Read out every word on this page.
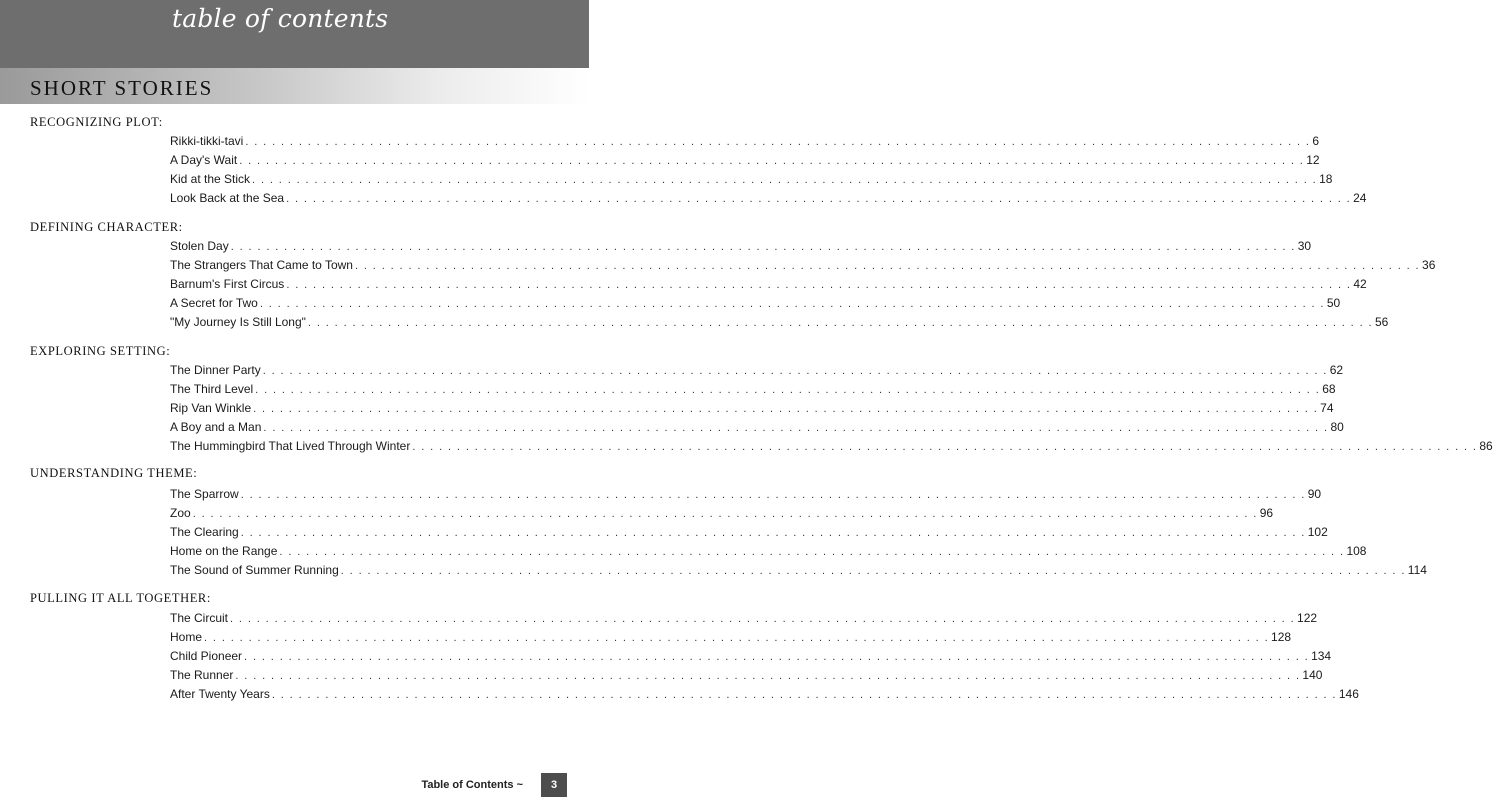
table of contents
SHORT STORIES
RECOGNIZING PLOT:
Rikki-tikki-tavi . . . . . . . . . . . . . . . . . . . . . . . . . . . . . . . . . . . . . . . . . . . . . . . . . . . . . . . . . . . . . . . . . . . . . . . . . . . . . . . . . . . . . . . . . . . . . . . . . . . . . . . . . . . . . . . . . . . . . . . . 6
A Day's Wait . . . . . . . . . . . . . . . . . . . . . . . . . . . . . . . . . . . . . . . . . . . . . . . . . . . . . . . . . . . . . . . . . . . . . . . . . . . . . . . . . . . . . . . . . . . . . . . . . . . . . . . . . . . . . . . . . . . . . . . . 12
Kid at the Stick . . . . . . . . . . . . . . . . . . . . . . . . . . . . . . . . . . . . . . . . . . . . . . . . . . . . . . . . . . . . . . . . . . . . . . . . . . . . . . . . . . . . . . . . . . . . . . . . . . . . . . . . . . . . . . . . . . . . . . . . 18
Look Back at the Sea . . . . . . . . . . . . . . . . . . . . . . . . . . . . . . . . . . . . . . . . . . . . . . . . . . . . . . . . . . . . . . . . . . . . . . . . . . . . . . . . . . . . . . . . . . . . . . . . . . . . . . . . . . . . . . . . . . . . . . . . 24
DEFINING CHARACTER:
Stolen Day . . . . . . . . . . . . . . . . . . . . . . . . . . . . . . . . . . . . . . . . . . . . . . . . . . . . . . . . . . . . . . . . . . . . . . . . . . . . . . . . . . . . . . . . . . . . . . . . . . . . . . . . . . . . . . . . . . . . . . . . 30
The Strangers That Came to Town . . . . . . . . . . . . . . . . . . . . . . . . . . . . . . . . . . . . . . . . . . . . . . . . . . . . . . . . . . . . . . . . . . . . . . . . . . . . . . . . . . . . . . . . . . . . . . . . . . . . . . . . . . . . . . . . . . . . . . . . 36
Barnum's First Circus . . . . . . . . . . . . . . . . . . . . . . . . . . . . . . . . . . . . . . . . . . . . . . . . . . . . . . . . . . . . . . . . . . . . . . . . . . . . . . . . . . . . . . . . . . . . . . . . . . . . . . . . . . . . . . . . . . . . . . . . 42
A Secret for Two . . . . . . . . . . . . . . . . . . . . . . . . . . . . . . . . . . . . . . . . . . . . . . . . . . . . . . . . . . . . . . . . . . . . . . . . . . . . . . . . . . . . . . . . . . . . . . . . . . . . . . . . . . . . . . . . . . . . . . . . 50
"My Journey Is Still Long" . . . . . . . . . . . . . . . . . . . . . . . . . . . . . . . . . . . . . . . . . . . . . . . . . . . . . . . . . . . . . . . . . . . . . . . . . . . . . . . . . . . . . . . . . . . . . . . . . . . . . . . . . . . . . . . . . . . . . . . . 56
EXPLORING SETTING:
The Dinner Party . . . . . . . . . . . . . . . . . . . . . . . . . . . . . . . . . . . . . . . . . . . . . . . . . . . . . . . . . . . . . . . . . . . . . . . . . . . . . . . . . . . . . . . . . . . . . . . . . . . . . . . . . . . . . . . . . . . . . . . . 62
The Third Level . . . . . . . . . . . . . . . . . . . . . . . . . . . . . . . . . . . . . . . . . . . . . . . . . . . . . . . . . . . . . . . . . . . . . . . . . . . . . . . . . . . . . . . . . . . . . . . . . . . . . . . . . . . . . . . . . . . . . . . . 68
Rip Van Winkle . . . . . . . . . . . . . . . . . . . . . . . . . . . . . . . . . . . . . . . . . . . . . . . . . . . . . . . . . . . . . . . . . . . . . . . . . . . . . . . . . . . . . . . . . . . . . . . . . . . . . . . . . . . . . . . . . . . . . . . . 74
A Boy and a Man . . . . . . . . . . . . . . . . . . . . . . . . . . . . . . . . . . . . . . . . . . . . . . . . . . . . . . . . . . . . . . . . . . . . . . . . . . . . . . . . . . . . . . . . . . . . . . . . . . . . . . . . . . . . . . . . . . . . . . . . 80
The Hummingbird That Lived Through Winter . . . . . . . . . . . . . . . . . . . . . . . . . . . . . . . . . . . . . . . . . . . . . . . . . . . . . . . . . . . . . . . . . . . . . . . . . . . . . . . . . . . . . . . . . . . . . . . . . . . . . . . . . . . . . . . . . . . . . . . . 86
UNDERSTANDING THEME:
The Sparrow . . . . . . . . . . . . . . . . . . . . . . . . . . . . . . . . . . . . . . . . . . . . . . . . . . . . . . . . . . . . . . . . . . . . . . . . . . . . . . . . . . . . . . . . . . . . . . . . . . . . . . . . . . . . . . . . . . . . . . . . 90
Zoo . . . . . . . . . . . . . . . . . . . . . . . . . . . . . . . . . . . . . . . . . . . . . . . . . . . . . . . . . . . . . . . . . . . . . . . . . . . . . . . . . . . . . . . . . . . . . . . . . . . . . . . . . . . . . . . . . . . . . . . . 96
The Clearing . . . . . . . . . . . . . . . . . . . . . . . . . . . . . . . . . . . . . . . . . . . . . . . . . . . . . . . . . . . . . . . . . . . . . . . . . . . . . . . . . . . . . . . . . . . . . . . . . . . . . . . . . . . . . . . . . . . . . . . . 102
Home on the Range . . . . . . . . . . . . . . . . . . . . . . . . . . . . . . . . . . . . . . . . . . . . . . . . . . . . . . . . . . . . . . . . . . . . . . . . . . . . . . . . . . . . . . . . . . . . . . . . . . . . . . . . . . . . . . . . . . . . . . . . 108
The Sound of Summer Running . . . . . . . . . . . . . . . . . . . . . . . . . . . . . . . . . . . . . . . . . . . . . . . . . . . . . . . . . . . . . . . . . . . . . . . . . . . . . . . . . . . . . . . . . . . . . . . . . . . . . . . . . . . . . . . . . . . . . . . . 114
PULLING IT ALL TOGETHER:
The Circuit . . . . . . . . . . . . . . . . . . . . . . . . . . . . . . . . . . . . . . . . . . . . . . . . . . . . . . . . . . . . . . . . . . . . . . . . . . . . . . . . . . . . . . . . . . . . . . . . . . . . . . . . . . . . . . . . . . . . . . . . 122
Home . . . . . . . . . . . . . . . . . . . . . . . . . . . . . . . . . . . . . . . . . . . . . . . . . . . . . . . . . . . . . . . . . . . . . . . . . . . . . . . . . . . . . . . . . . . . . . . . . . . . . . . . . . . . . . . . . . . . . . . . 128
Child Pioneer . . . . . . . . . . . . . . . . . . . . . . . . . . . . . . . . . . . . . . . . . . . . . . . . . . . . . . . . . . . . . . . . . . . . . . . . . . . . . . . . . . . . . . . . . . . . . . . . . . . . . . . . . . . . . . . . . . . . . . . . 134
The Runner . . . . . . . . . . . . . . . . . . . . . . . . . . . . . . . . . . . . . . . . . . . . . . . . . . . . . . . . . . . . . . . . . . . . . . . . . . . . . . . . . . . . . . . . . . . . . . . . . . . . . . . . . . . . . . . . . . . . . . . . 140
After Twenty Years . . . . . . . . . . . . . . . . . . . . . . . . . . . . . . . . . . . . . . . . . . . . . . . . . . . . . . . . . . . . . . . . . . . . . . . . . . . . . . . . . . . . . . . . . . . . . . . . . . . . . . . . . . . . . . . . . . . . . . . . 146
Table of Contents ~	3
